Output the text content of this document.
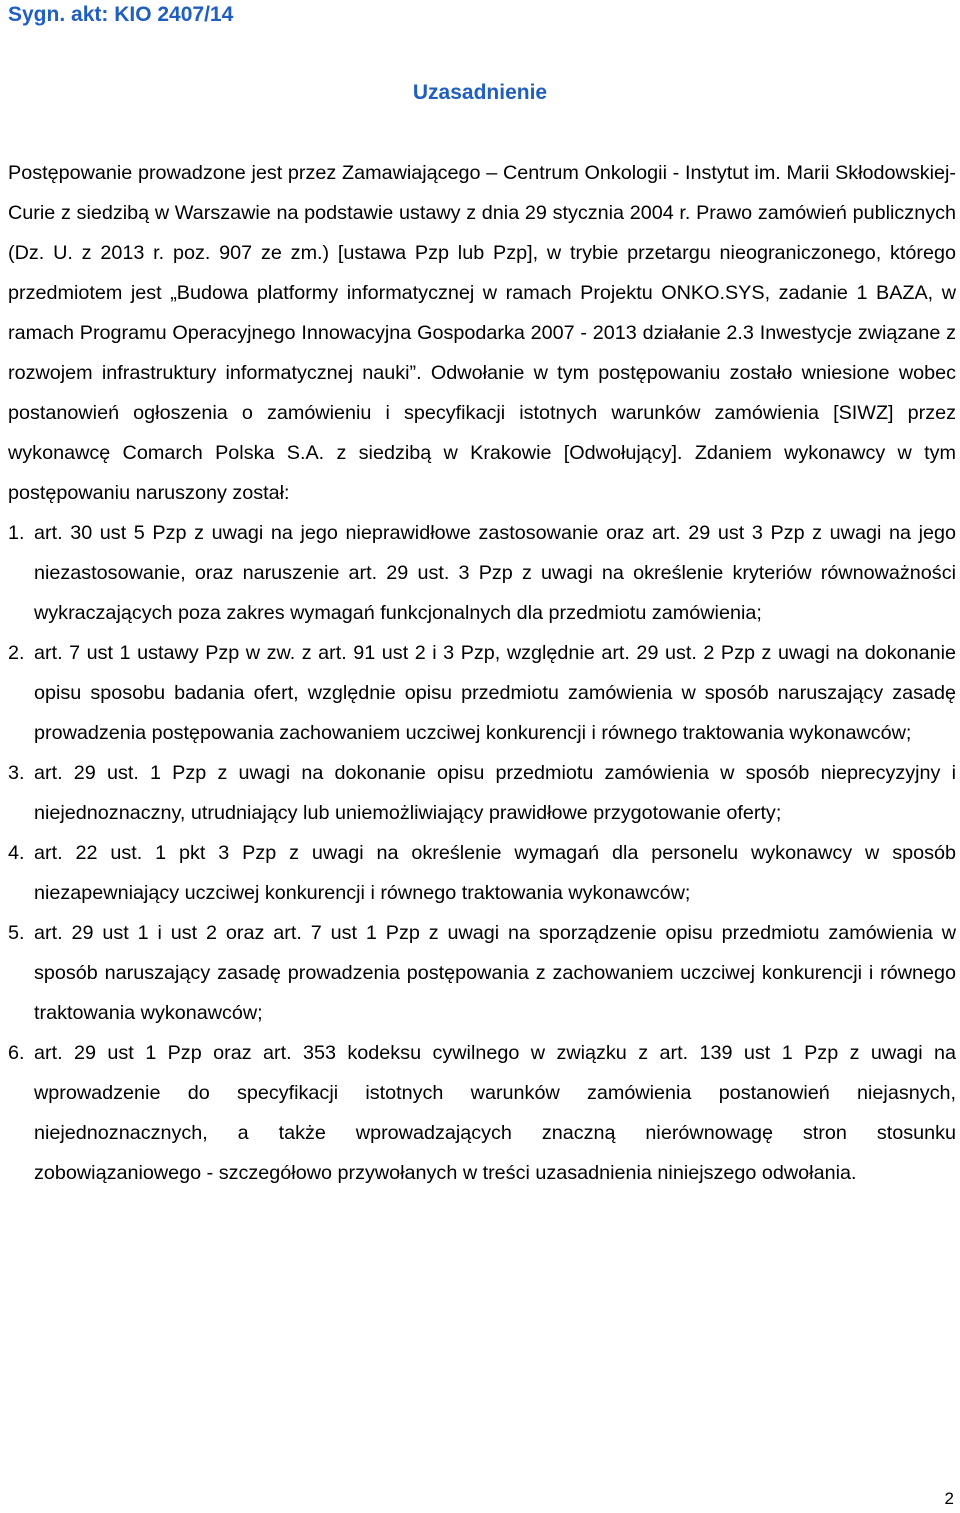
Sygn. akt: KIO 2407/14
Uzasadnienie

Postępowanie prowadzone jest przez Zamawiającego – Centrum Onkologii - Instytut im. Marii Skłodowskiej-Curie z siedzibą w Warszawie na podstawie ustawy z dnia 29 stycznia 2004 r. Prawo zamówień publicznych (Dz. U. z 2013 r. poz. 907 ze zm.) [ustawa Pzp lub Pzp], w trybie przetargu nieograniczonego, którego przedmiotem jest „Budowa platformy informatycznej w ramach Projektu ONKO.SYS, zadanie 1 BAZA, w ramach Programu Operacyjnego Innowacyjna Gospodarka 2007 - 2013 działanie 2.3 Inwestycje związane z rozwojem infrastruktury informatycznej nauki”. Odwołanie w tym postępowaniu zostało wniesione wobec postanowień ogłoszenia o zamówieniu i specyfikacji istotnych warunków zamówienia [SIWZ] przez wykonawcę Comarch Polska S.A. z siedzibą w Krakowie [Odwołujący]. Zdaniem wykonawcy w tym postępowaniu naruszony został:

1. art. 30 ust 5 Pzp z uwagi na jego nieprawidłowe zastosowanie oraz art. 29 ust 3 Pzp z uwagi na jego niezastosowanie, oraz naruszenie art. 29 ust. 3 Pzp z uwagi na określenie kryteriów równoważności wykraczających poza zakres wymagań funkcjonalnych dla przedmiotu zamówienia;
2. art. 7 ust 1 ustawy Pzp w zw. z art. 91 ust 2 i 3 Pzp, względnie art. 29 ust. 2 Pzp z uwagi na dokonanie opisu sposobu badania ofert, względnie opisu przedmiotu zamówienia w sposób naruszający zasadę prowadzenia postępowania zachowaniem uczciwej konkurencji i równego traktowania wykonawców;
3. art. 29 ust. 1 Pzp z uwagi na dokonanie opisu przedmiotu zamówienia w sposób nieprecyzyjny i niejednoznaczny, utrudniający lub uniemożliwiający prawidłowe przygotowanie oferty;
4. art. 22 ust. 1 pkt 3 Pzp z uwagi na określenie wymagań dla personelu wykonawcy w sposób niezapewniający uczciwej konkurencji i równego traktowania wykonawców;
5. art. 29 ust 1 i ust 2 oraz art. 7 ust 1 Pzp z uwagi na sporządzenie opisu przedmiotu zamówienia w sposób naruszający zasadę prowadzenia postępowania z zachowaniem uczciwej konkurencji i równego traktowania wykonawców;
6. art. 29 ust 1 Pzp oraz art. 353 kodeksu cywilnego w związku z art. 139 ust 1 Pzp z uwagi na wprowadzenie do specyfikacji istotnych warunków zamówienia postanowień niejasnych, niejednoznacznych, a także wprowadzających znaczną nierównowagę stron stosunku zobowiązaniowego - szczegółowo przywołanych w treści uzasadnienia niniejszego odwołania.
2
